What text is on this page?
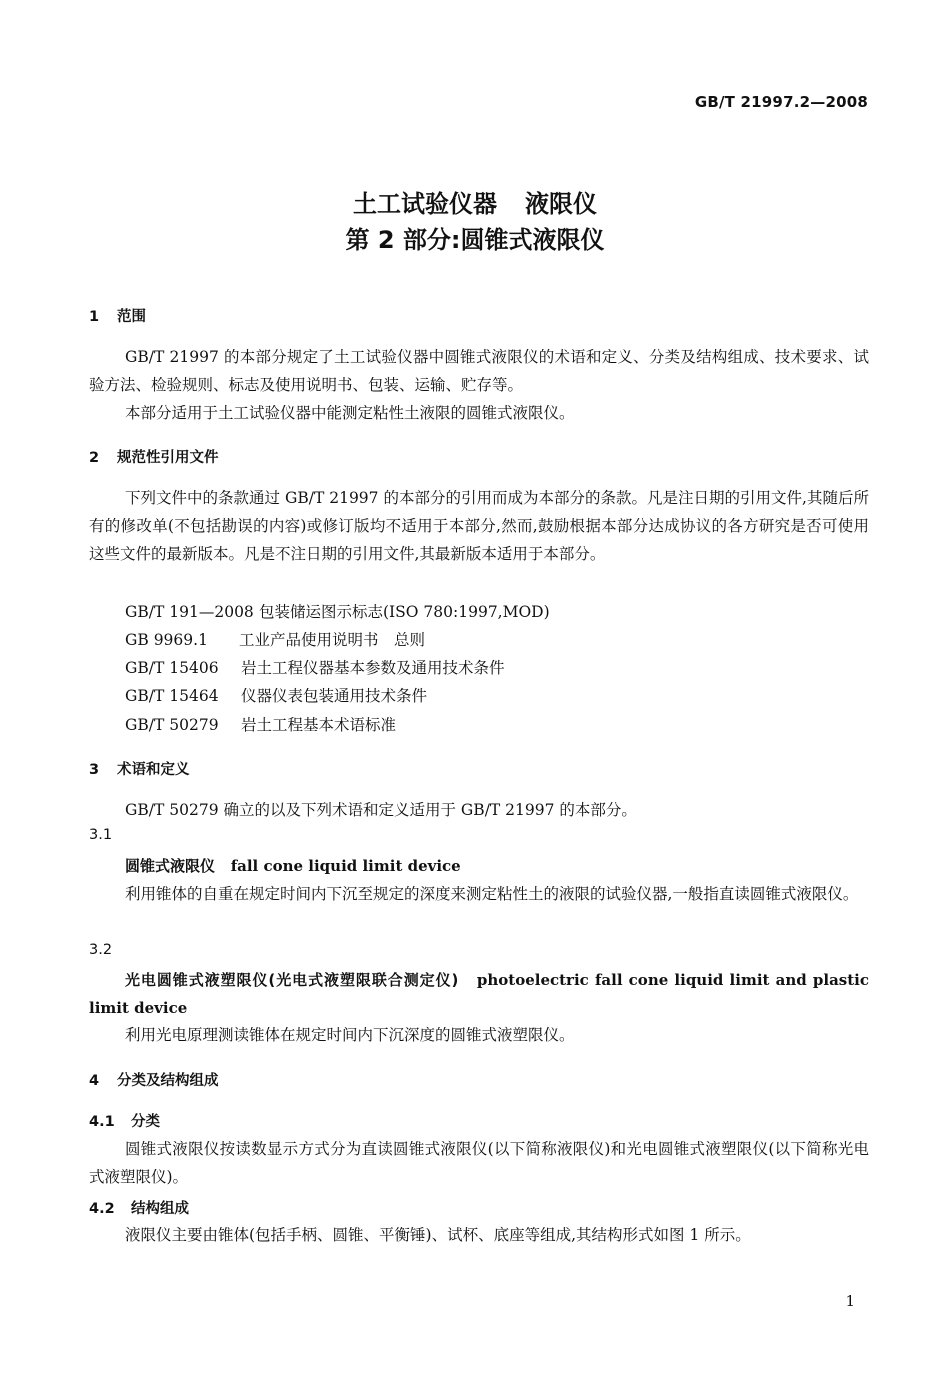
GB/T 21997.2—2008
土工试验仪器 液限仪
第 2 部分:圆锥式液限仪
1 范围
GB/T 21997 的本部分规定了土工试验仪器中圆锥式液限仪的术语和定义、分类及结构组成、技术要求、试验方法、检验规则、标志及使用说明书、包装、运输、贮存等。
本部分适用于土工试验仪器中能测定粘性土液限的圆锥式液限仪。
2 规范性引用文件
下列文件中的条款通过 GB/T 21997 的本部分的引用而成为本部分的条款。凡是注日期的引用文件,其随后所有的修改单(不包括勘误的内容)或修订版均不适用于本部分,然而,鼓励根据本部分达成协议的各方研究是否可使用这些文件的最新版本。凡是不注日期的引用文件,其最新版本适用于本部分。
GB/T 191—2008 包装储运图示标志(ISO 780:1997,MOD)
GB 9969.1 工业产品使用说明书　总则
GB/T 15406 岩土工程仪器基本参数及通用技术条件
GB/T 15464 仪器仪表包装通用技术条件
GB/T 50279 岩土工程基本术语标准
3 术语和定义
GB/T 50279 确立的以及下列术语和定义适用于 GB/T 21997 的本部分。
3.1
圆锥式液限仪 fall cone liquid limit device
利用锥体的自重在规定时间内下沉至规定的深度来测定粘性土的液限的试验仪器,一般指直读圆锥式液限仪。
3.2
光电圆锥式液塑限仪(光电式液塑限联合测定仪) photoelectric fall cone liquid limit and plastic limit device
利用光电原理测读锥体在规定时间内下沉深度的圆锥式液塑限仪。
4 分类及结构组成
4.1 分类
圆锥式液限仪按读数显示方式分为直读圆锥式液限仪(以下简称液限仪)和光电圆锥式液塑限仪(以下简称光电式液塑限仪)。
4.2 结构组成
液限仪主要由锥体(包括手柄、圆锥、平衡锤)、试杯、底座等组成,其结构形式如图 1 所示。
1
